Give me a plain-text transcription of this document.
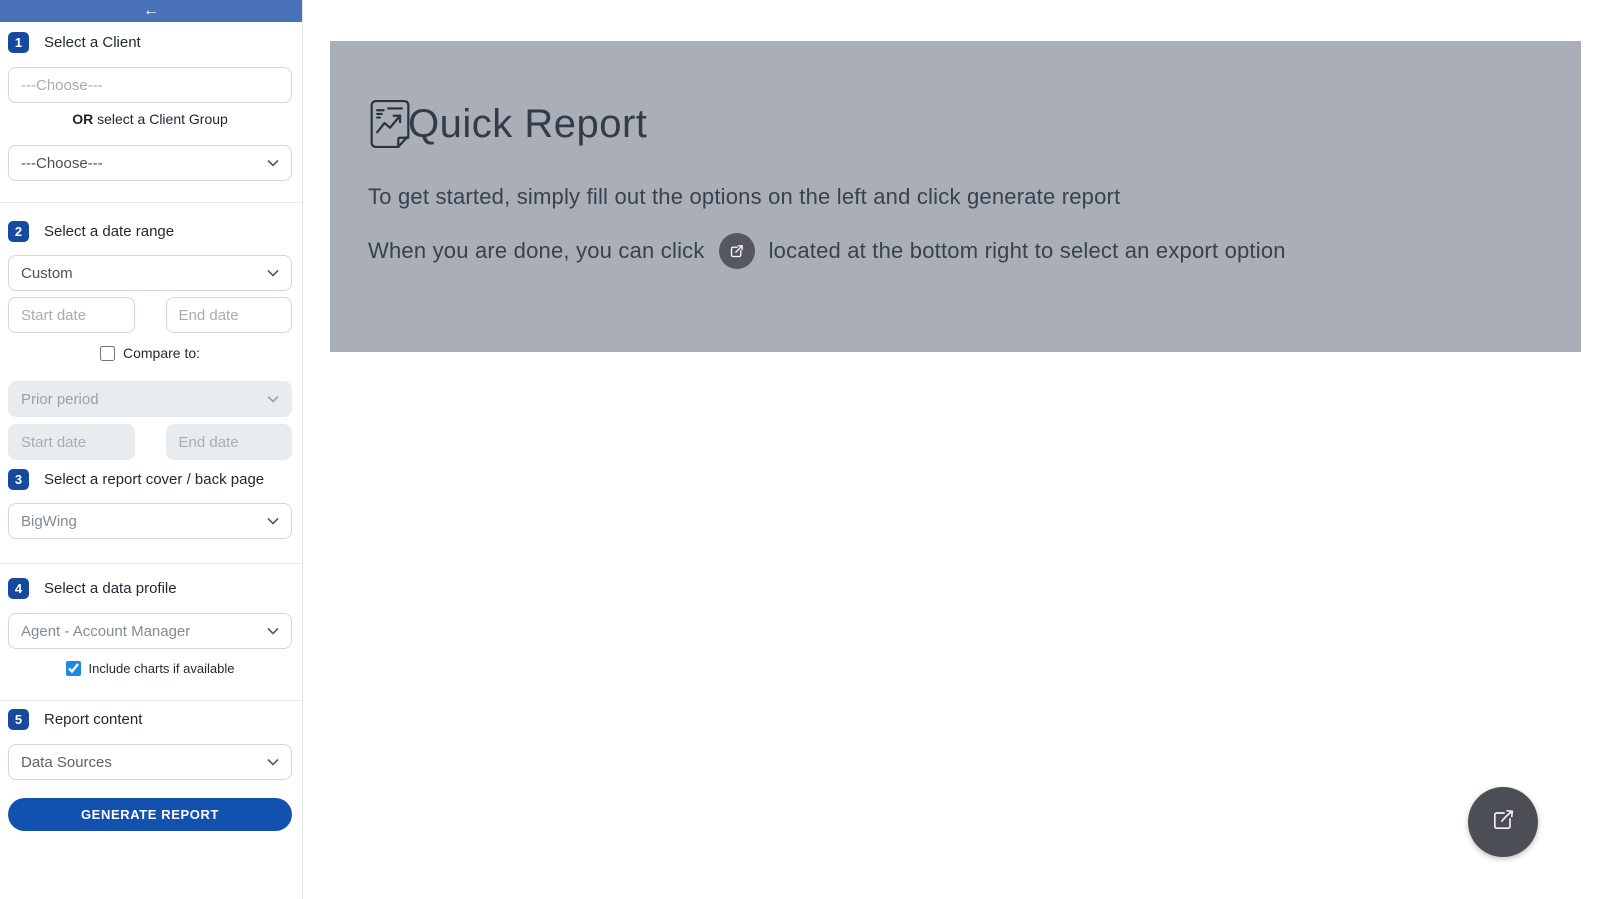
←
1	Select a Client
---Choose---
OR select a Client Group
---Choose---
2	Select a date range
Custom
Start date
End date
Compare to:
Prior period
Start date
End date
3	Select a report cover / back page
BigWing
4	Select a data profile
Agent - Account Manager
Include charts if available
5	Report content
Data Sources
GENERATE REPORT
Quick Report
To get started, simply fill out the options on the left and click generate report
When you are done, you can click	located at the bottom right to select an export option
